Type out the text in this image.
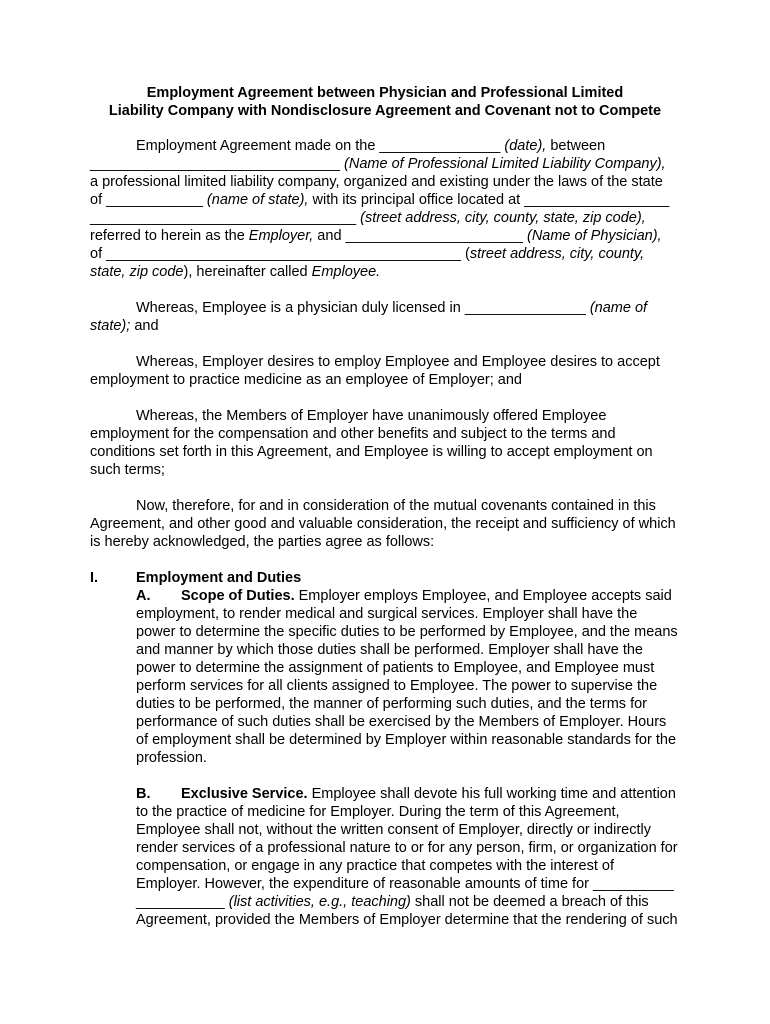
Employment Agreement between Physician and Professional Limited
Liability Company with Nondisclosure Agreement and Covenant not to Compete
Employment Agreement made on the _______________ (date), between
_______________________________ (Name of Professional Limited Liability Company),
a professional limited liability company, organized and existing under the laws of the state
of ____________ (name of state), with its principal office located at __________________
_________________________________ (street address, city, county, state, zip code),
referred to herein as the Employer, and ______________________ (Name of Physician),
of ____________________________________________ (street address, city, county,
state, zip code), hereinafter called Employee.
Whereas, Employee is a physician duly licensed in _______________ (name of
state); and
Whereas, Employer desires to employ Employee and Employee desires to accept
employment to practice medicine as an employee of Employer; and
Whereas, the Members of Employer have unanimously offered Employee
employment for the compensation and other benefits and subject to the terms and
conditions set forth in this Agreement, and Employee is willing to accept employment on
such terms;
Now, therefore, for and in consideration of the mutual covenants contained in this
Agreement, and other good and valuable consideration, the receipt and sufficiency of which
is hereby acknowledged, the parties agree as follows:
I.	Employment and Duties
A. Scope of Duties. Employer employs Employee, and Employee accepts said
employment, to render medical and surgical services. Employer shall have the
power to determine the specific duties to be performed by Employee, and the means
and manner by which those duties shall be performed. Employer shall have the
power to determine the assignment of patients to Employee, and Employee must
perform services for all clients assigned to Employee. The power to supervise the
duties to be performed, the manner of performing such duties, and the terms for
performance of such duties shall be exercised by the Members of Employer. Hours
of employment shall be determined by Employer within reasonable standards for the
profession.
B. Exclusive Service. Employee shall devote his full working time and attention
to the practice of medicine for Employer. During the term of this Agreement,
Employee shall not, without the written consent of Employer, directly or indirectly
render services of a professional nature to or for any person, firm, or organization for
compensation, or engage in any practice that competes with the interest of
Employer. However, the expenditure of reasonable amounts of time for __________
___________ (list activities, e.g., teaching) shall not be deemed a breach of this
Agreement, provided the Members of Employer determine that the rendering of such
